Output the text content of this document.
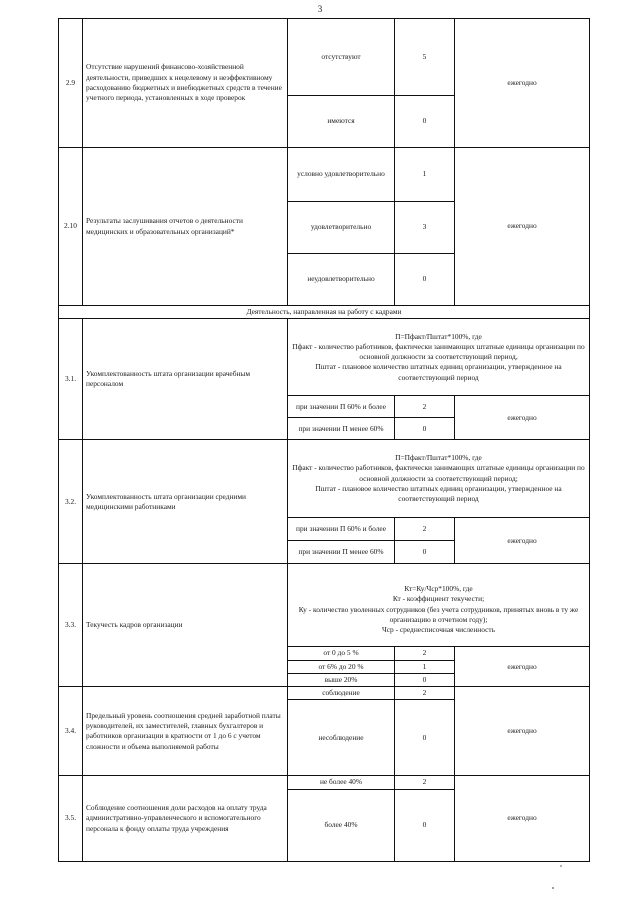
3
2.9	Отсутствие нарушений финансово-хозяйственной деятельности, приведших к нецелевому и неэффективному расходованию бюджетных и внебюджетных средств в течение учетного периода, установленных в ходе проверок	отсутствуют	5	ежегодно
		имеются	0	
2.10	Результаты заслушивания отчетов о деятельности медицинских и образовательных организаций*	условно удовлетворительно	1	ежегодно
		удовлетворительно	3	
		неудовлетворительно	0	
Деятельность, направленная на работу с кадрами				
3.1.	Укомплектованность штата организации врачебным персоналом	П=Пфакт/Пштат*100%, где
Пфакт - количество работников, фактически занимающих штатные единицы организации по основной должности за соответствующий период,
Пштат - плановое количество штатных единиц организации, утвержденное на соответствующий период		

		при значении П 60% и более	2	ежегодно
		при значении П менее 60%	0	
3.2.	Укомплектованность штата организации средними медицинскими работниками	П=Пфакт/Пштат*100%, где
Пфакт - количество работников, фактически занимающих штатные единицы организации по основной должности за соответствующий период;
Пштат - плановое количество штатных единиц организации, утвержденное на соответствующий период		

		при значении П 60% и более	2	ежегодно
		при значении П менее 60%	0	
3.3.	Текучесть кадров организации	Кт=Ку/Чср*100%, где
Кт - коэффициент текучести;
Ку - количество уволенных сотрудников (без учета сотрудников, принятых вновь в ту же организацию в отчетном году);
Чср - среднесписочная численность		

		от 0 до 5 %	2	ежегодно
		от 6% до 20 %	1	
		выше 20%	0	
3.4.	Предельный уровень соотношения средней заработной платы руководителей, их заместителей, главных бухгалтеров и работников организации в кратности от 1 до 6 с учетом сложности и объема выполняемой работы	соблюдение	2	ежегодно
		несоблюдение	0	
3.5.	Соблюдение соотношения доли расходов на оплату труда административно-управленческого и вспомогательного персонала к фонду оплаты труда учреждения	не более 40%	2	ежегодно
		более 40%	0	
